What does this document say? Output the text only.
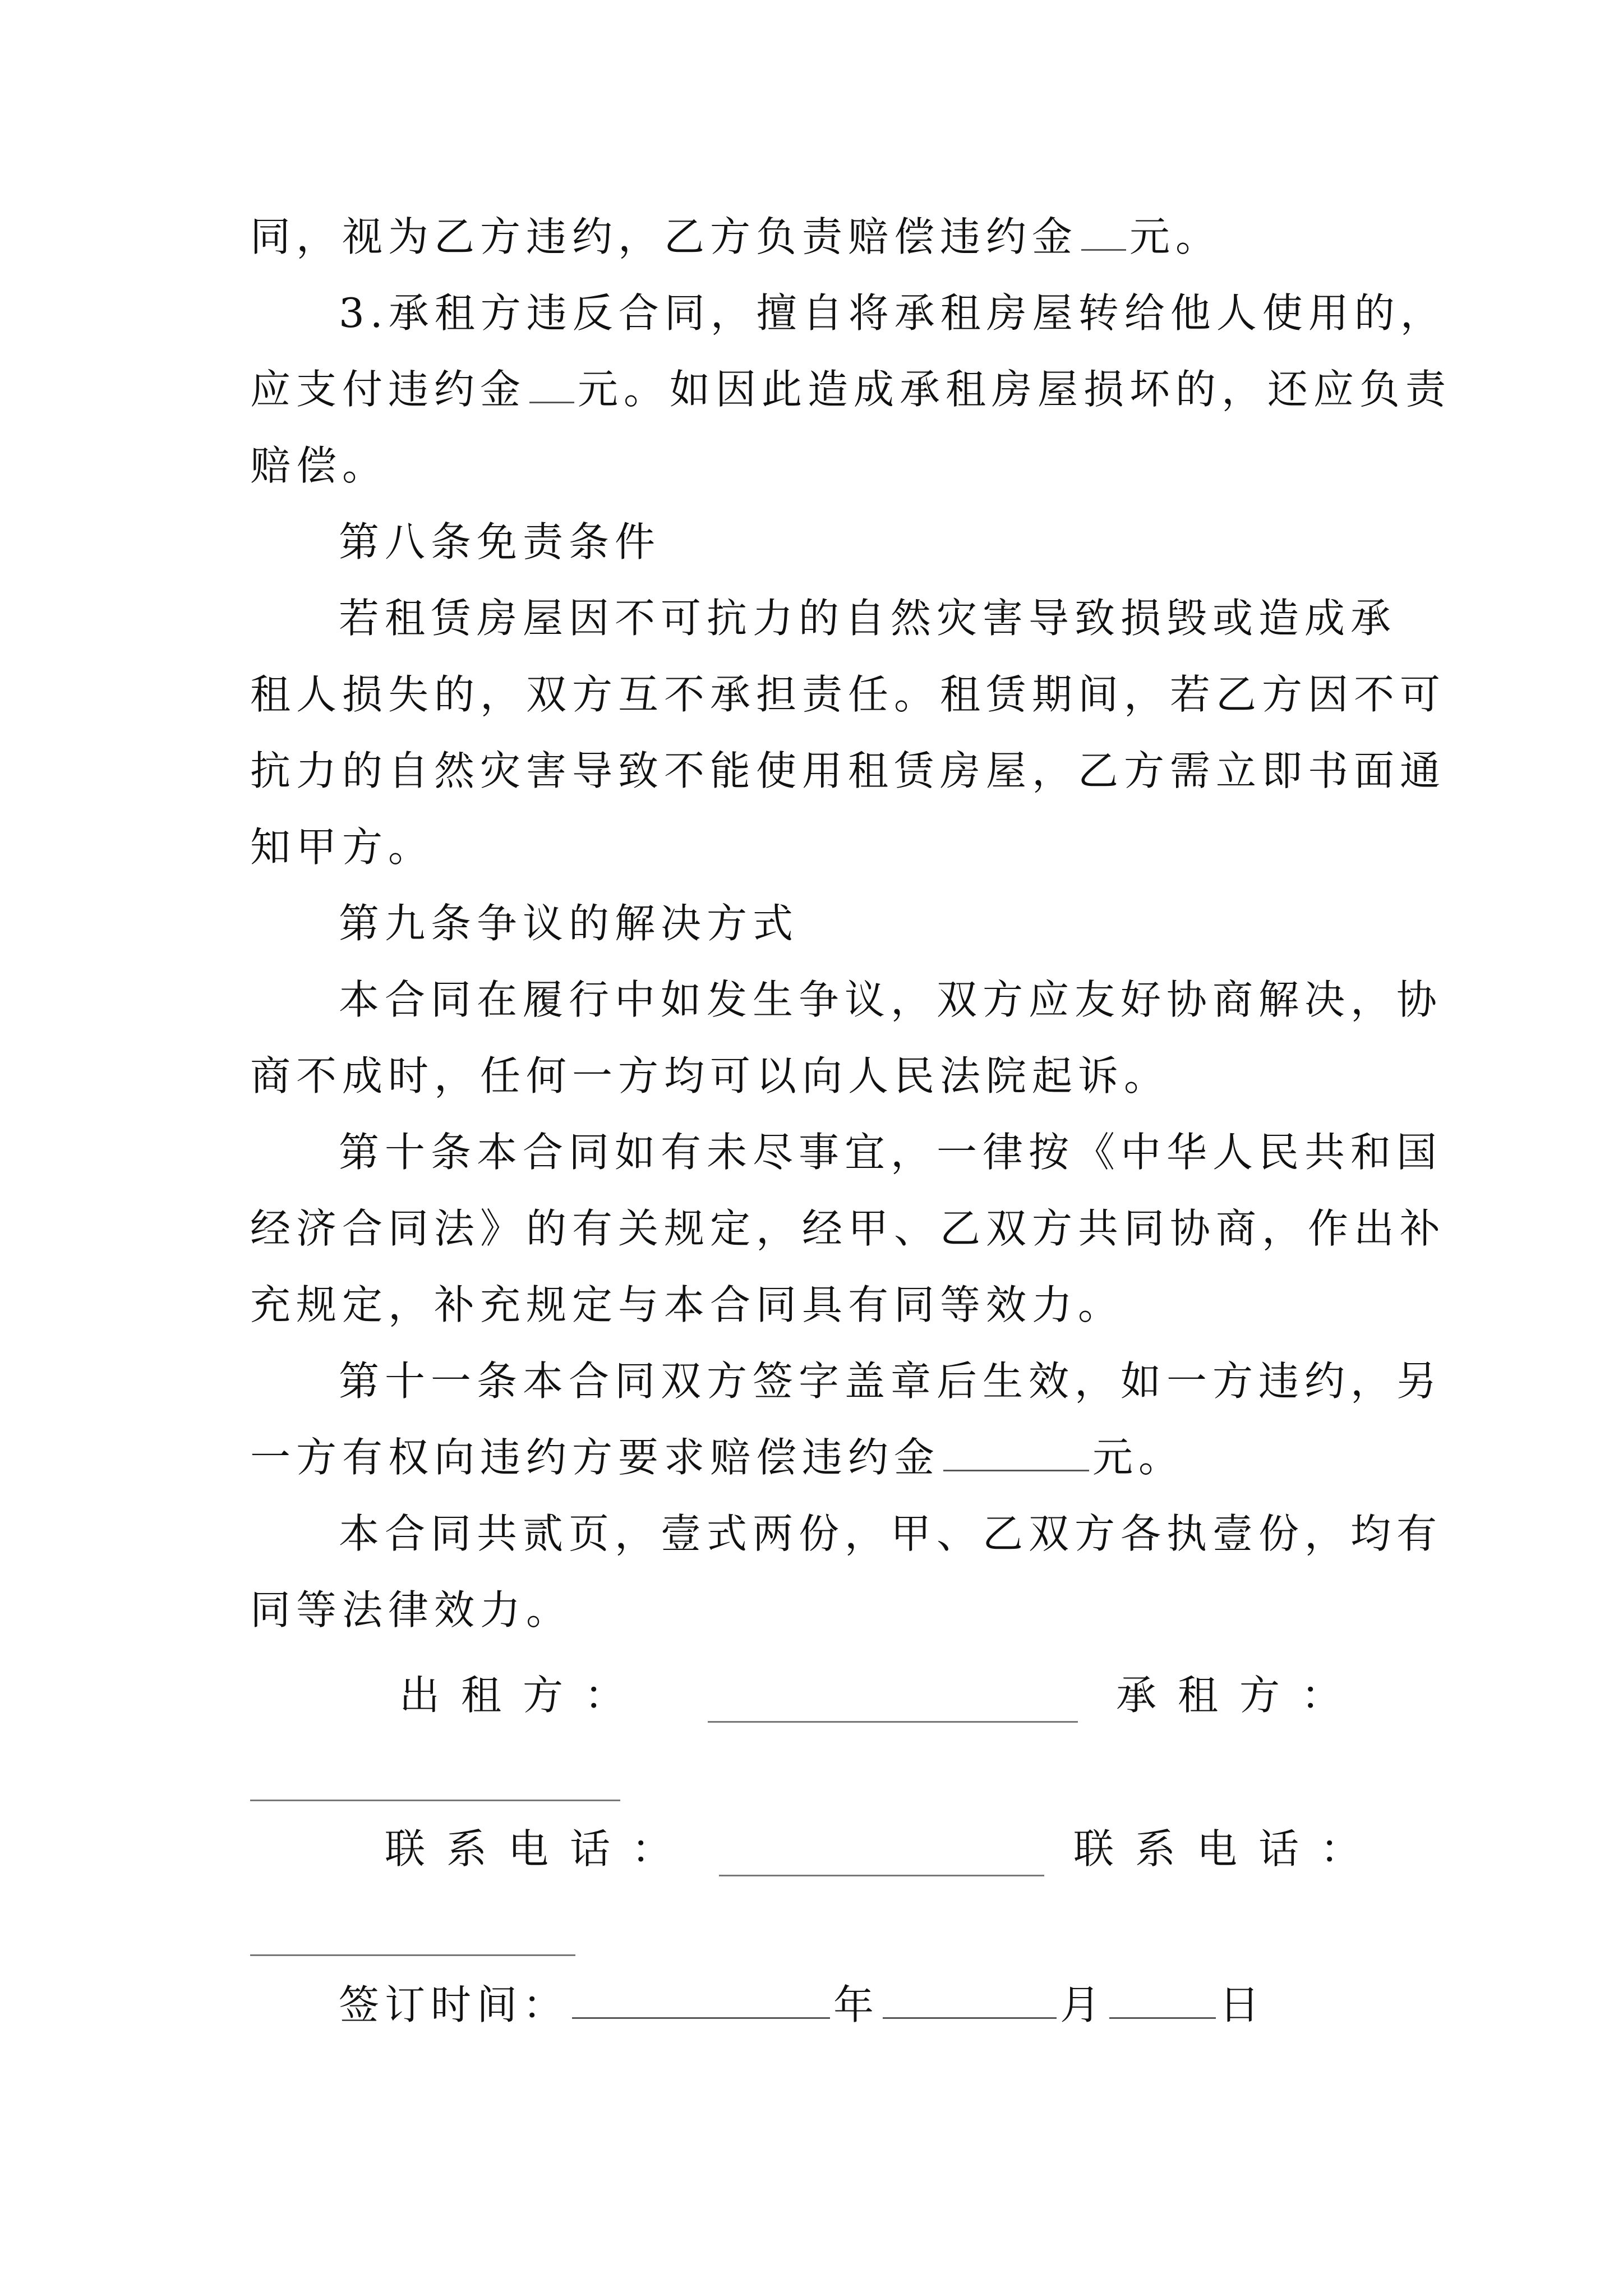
同，视为乙方违约，乙方负责赔偿违约金 元。
3.承租方违反合同，擅自将承租房屋转给他人使用的，
应支付违约金 元。如因此造成承租房屋损坏的，还应负责
赔偿。
第八条免责条件
若租赁房屋因不可抗力的自然灾害导致损毁或造成承
租人损失的，双方互不承担责任。租赁期间，若乙方因不可
抗力的自然灾害导致不能使用租赁房屋，乙方需立即书面通
知甲方。
第九条争议的解决方式
本合同在履行中如发生争议，双方应友好协商解决，协
商不成时，任何一方均可以向人民法院起诉。
第十条本合同如有未尽事宜，一律按《中华人民共和国
经济合同法》的有关规定，经甲、乙双方共同协商，作出补
充规定，补充规定与本合同具有同等效力。
第十一条本合同双方签字盖章后生效，如一方违约，另
一方有权向违约方要求赔偿违约金	元。
本合同共贰页，壹式两份，甲、乙双方各执壹份，均有
同等法律效力。
出租方：	承租方：
联系电话：	联系电话：
签订时间：	年	月	日
